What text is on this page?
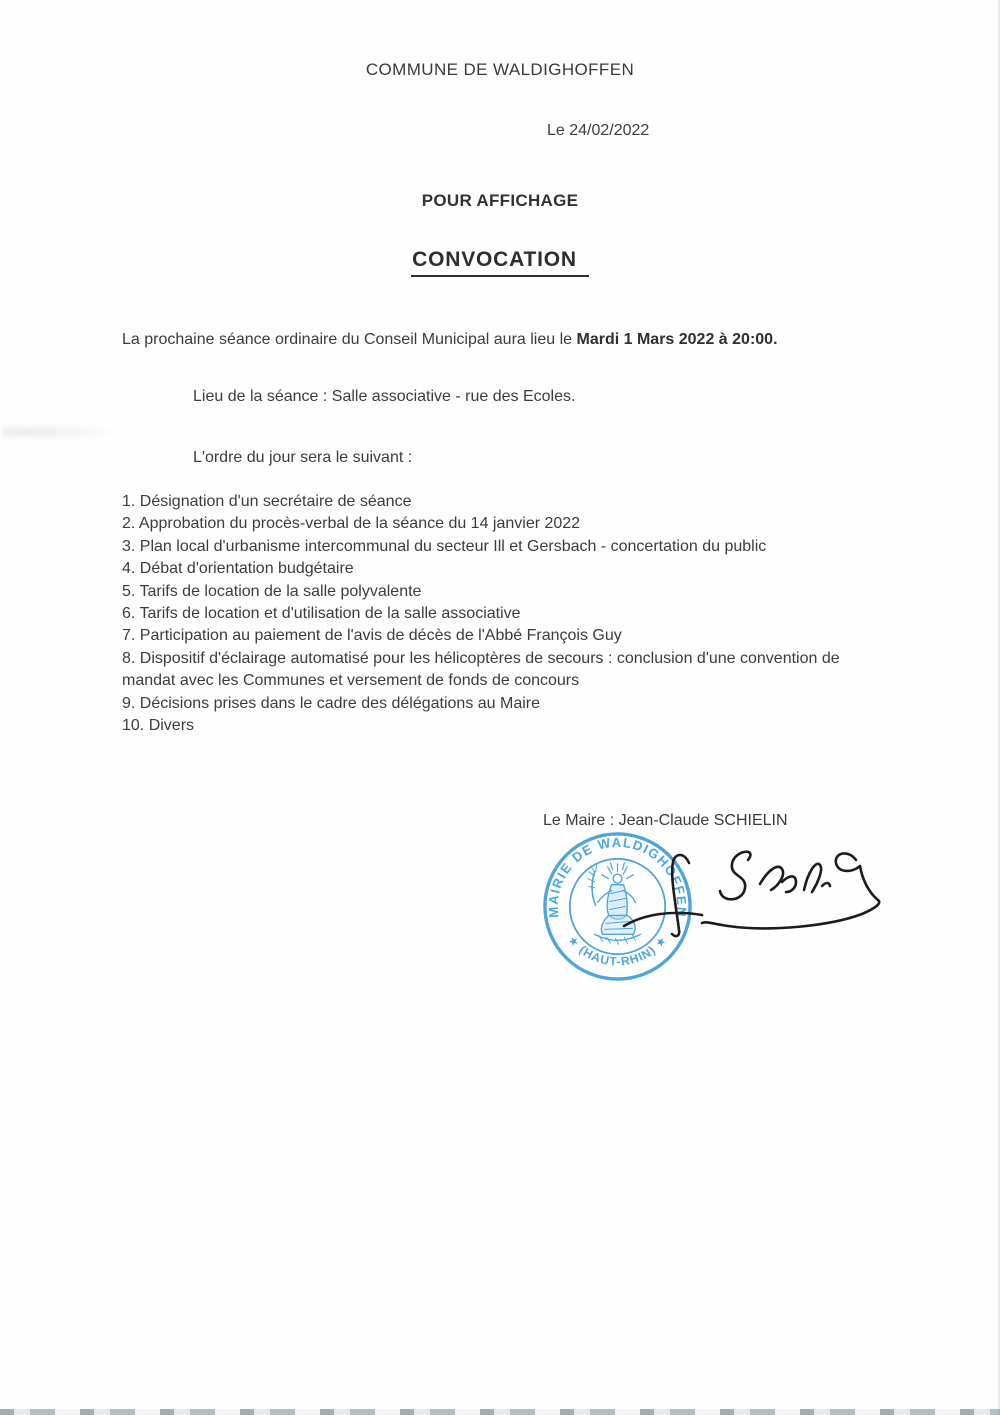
COMMUNE DE WALDIGHOFFEN
Le 24/02/2022
POUR AFFICHAGE
CONVOCATION
La prochaine séance ordinaire du Conseil Municipal aura lieu le Mardi 1 Mars 2022 à 20:00.
Lieu de la séance : Salle associative - rue des Ecoles.
L'ordre du jour sera le suivant :
1. Désignation d'un secrétaire de séance
2. Approbation du procès-verbal de la séance du 14 janvier 2022
3. Plan local d'urbanisme intercommunal du secteur Ill et Gersbach - concertation du public
4. Débat d'orientation budgétaire
5. Tarifs de location de la salle polyvalente
6. Tarifs de location et d'utilisation de la salle associative
7. Participation au paiement de l'avis de décès de l'Abbé François Guy
8. Dispositif d'éclairage automatisé pour les hélicoptères de secours : conclusion d'une convention de mandat avec les Communes et versement de fonds de concours
9. Décisions prises dans le cadre des délégations au Maire
10. Divers
Le Maire : Jean-Claude SCHIELIN
MAIRIE DE WALDIGHOFFEN
★ (HAUT-RHIN) ★
